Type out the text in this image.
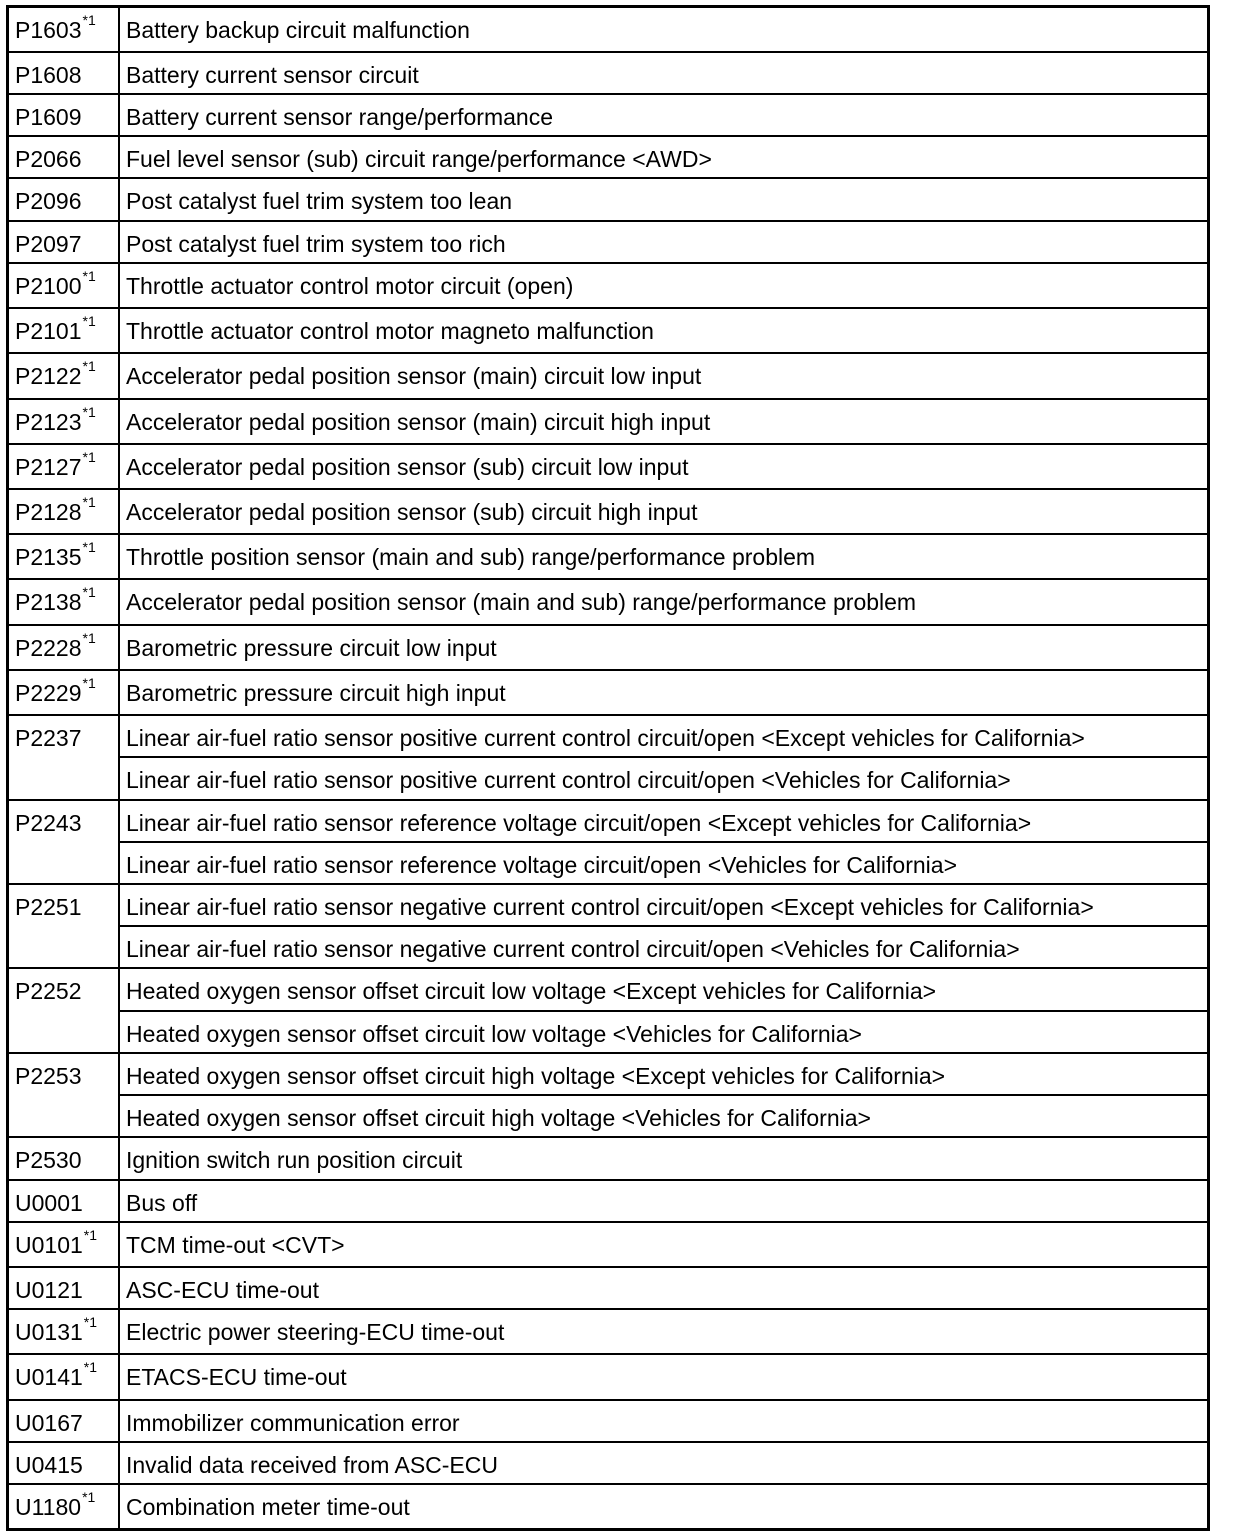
P1603$^{*1}$	Battery backup circuit malfunction
P1608	Battery current sensor circuit
P1609	Battery current sensor range/performance
P2066	Fuel level sensor (sub) circuit range/performance <AWD>
P2096	Post catalyst fuel trim system too lean
P2097	Post catalyst fuel trim system too rich
P2100$^{*1}$	Throttle actuator control motor circuit (open)
P2101$^{*1}$	Throttle actuator control motor magneto malfunction
P2122$^{*1}$	Accelerator pedal position sensor (main) circuit low input
P2123$^{*1}$	Accelerator pedal position sensor (main) circuit high input
P2127$^{*1}$	Accelerator pedal position sensor (sub) circuit low input
P2128$^{*1}$	Accelerator pedal position sensor (sub) circuit high input
P2135$^{*1}$	Throttle position sensor (main and sub) range/performance problem
P2138$^{*1}$	Accelerator pedal position sensor (main and sub) range/performance problem
P2228$^{*1}$	Barometric pressure circuit low input
P2229$^{*1}$	Barometric pressure circuit high input
P2237	Linear air-fuel ratio sensor positive current control circuit/open <Except vehicles for California>
	Linear air-fuel ratio sensor positive current control circuit/open <Vehicles for California>
P2243	Linear air-fuel ratio sensor reference voltage circuit/open <Except vehicles for California>
	Linear air-fuel ratio sensor reference voltage circuit/open <Vehicles for California>
P2251	Linear air-fuel ratio sensor negative current control circuit/open <Except vehicles for California>
	Linear air-fuel ratio sensor negative current control circuit/open <Vehicles for California>
P2252	Heated oxygen sensor offset circuit low voltage <Except vehicles for California>
	Heated oxygen sensor offset circuit low voltage <Vehicles for California>
P2253	Heated oxygen sensor offset circuit high voltage <Except vehicles for California>
	Heated oxygen sensor offset circuit high voltage <Vehicles for California>
P2530	Ignition switch run position circuit
U0001	Bus off
U0101$^{*1}$	TCM time-out <CVT>
U0121	ASC-ECU time-out
U0131$^{*1}$	Electric power steering-ECU time-out
U0141$^{*1}$	ETACS-ECU time-out
U0167	Immobilizer communication error
U0415	Invalid data received from ASC-ECU
U1180$^{*1}$	Combination meter time-out
